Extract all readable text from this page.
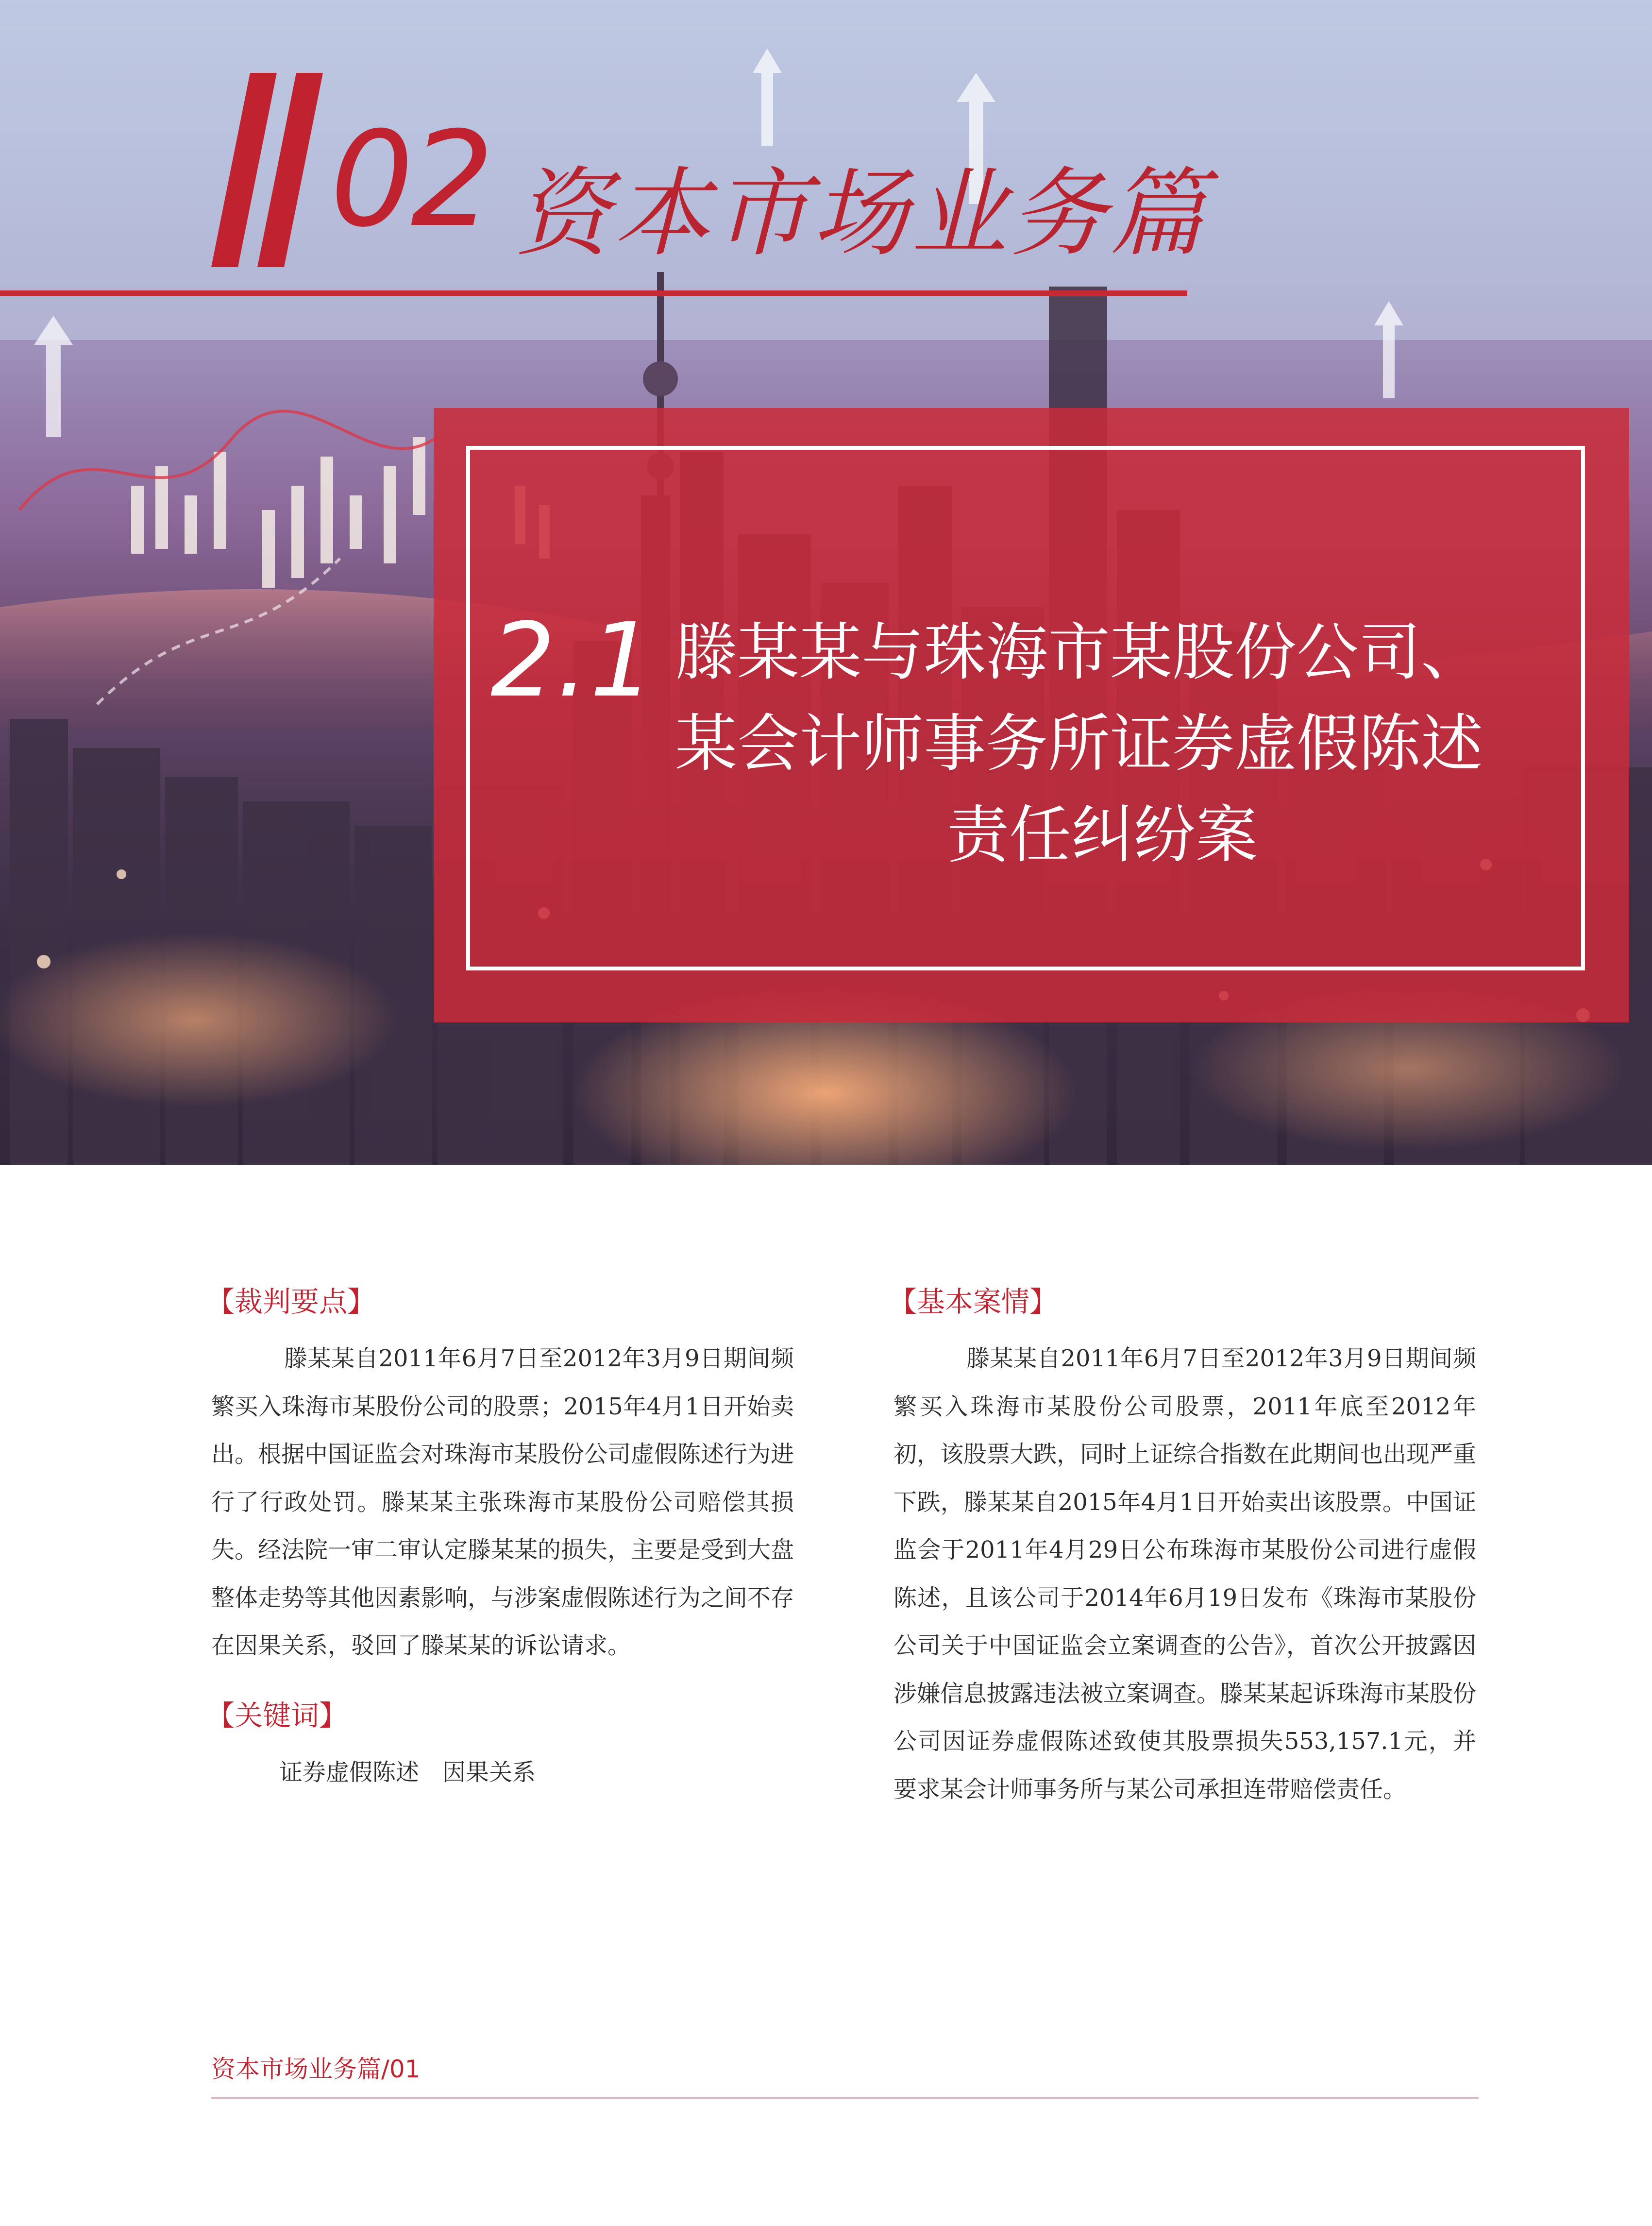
02 资本市场业务篇
2.1 滕某某与珠海市某股份公司、
某会计师事务所证券虚假陈述
责任纠纷案
【裁判要点】

滕某某自2011年6月7日至2012年3月9日期间频繁买入珠海市某股份公司的股票；2015年4月1日开始卖出。根据中国证监会对珠海市某股份公司虚假陈述行为进行了行政处罚。滕某某主张珠海市某股份公司赔偿其损失。经法院一审二审认定滕某某的损失，主要是受到大盘整体走势等其他因素影响，与涉案虚假陈述行为之间不存在因果关系，驳回了滕某某的诉讼请求。

【关键词】

证券虚假陈述　因果关系

【基本案情】

滕某某自2011年6月7日至2012年3月9日期间频繁买入珠海市某股份公司股票，2011年底至2012年初，该股票大跌，同时上证综合指数在此期间也出现严重下跌，滕某某自2015年4月1日开始卖出该股票。中国证监会于2011年4月29日公布珠海市某股份公司进行虚假陈述，且该公司于2014年6月19日发布《珠海市某股份公司关于中国证监会立案调查的公告》，首次公开披露因涉嫌信息披露违法被立案调查。滕某某起诉珠海市某股份公司因证券虚假陈述致使其股票损失553,157.1元，并要求某会计师事务所与某公司承担连带赔偿责任。

资本市场业务篇/01
